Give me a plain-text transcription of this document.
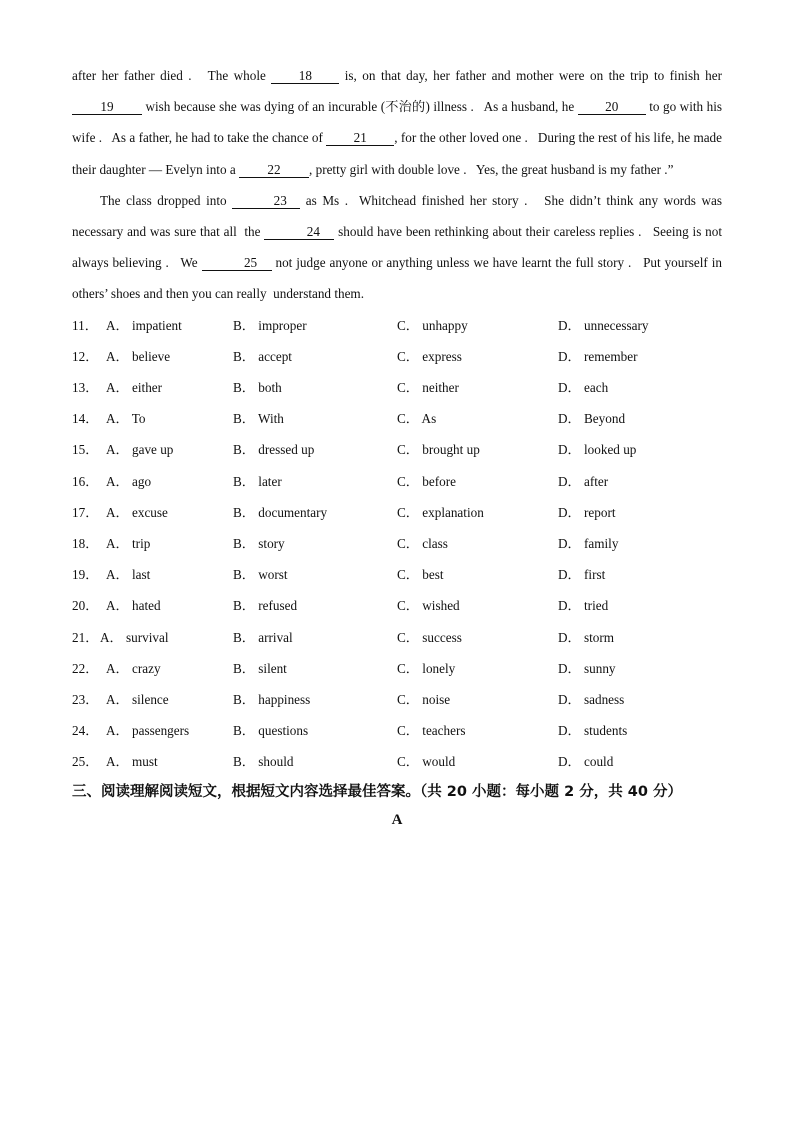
after her father died .   The whole 18 is, on that day, her father and mother were on the trip to finish her 19 wish because she was dying of an incurable (不治的) illness .   As a husband, he 20 to go with his wife .   As a father, he had to take the chance of 21 , for the other loved one .   During the rest of his life, he made their daughter — Evelyn into a 22 , pretty girl with double love .   Yes, the great husband is my father .”

The class dropped into	23 as Ms .  Whitchead finished her story .   She didn’t think any words was necessary and was sure that all  the	24 should have been rethinking about their careless replies .   Seeing is not always believing .   We	25 not judge anyone or anything unless we have learnt the full story .   Put yourself in others’ shoes and then you can really  understand them.

11． A． impatient	B． improper	C． unhappy	D． unnecessary
12． A． believe	B． accept	C． express	D． remember
13． A． either	B． both	C． neither	D． each
14． A． To	B． With	C． As	D． Beyond
15． A． gave up	B． dressed up	C． brought up	D． looked up
16． A． ago	B． later	C． before	D． after
17． A． excuse	B． documentary	C． explanation	D． report
18． A． trip	B． story	C． class	D． family
19． A． last	B． worst	C． best	D． first
20． A． hated	B． refused	C． wished	D． tried
21． A． survival	B． arrival	C． success	D． storm
22． A． crazy	B． silent	C． lonely	D． sunny
23． A． silence	B． happiness	C． noise	D． sadness
24． A． passengers	B． questions	C． teachers	D． students
25． A． must	B． should	C． would	D． could
三、阅读理解阅读短文，根据短文内容选择最佳答案。（共 20 小题：每小题 2 分，共 40 分）
A
